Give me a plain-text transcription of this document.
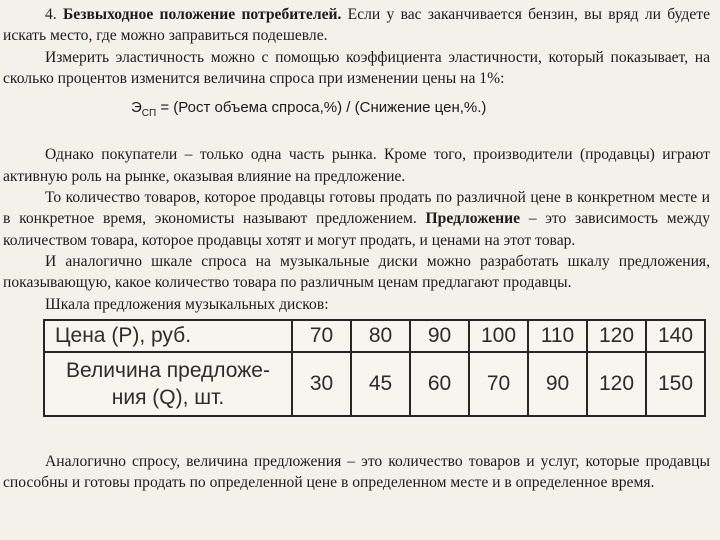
4. Безвыходное положение потребителей. Если у вас заканчивается бензин, вы вряд ли будете искать место, где можно заправиться подешевле.

Измерить эластичность можно с помощью коэффициента эластичности, который показывает, на сколько процентов изменится величина спроса при изменении цены на 1%:

$Э_{СП}$ = (Рост объема спроса,%) / (Снижение цен,%.)

Однако покупатели – только одна часть рынка. Кроме того, производители (продавцы) играют активную роль на рынке, оказывая влияние на предложение.

То количество товаров, которое продавцы готовы продать по различной цене в конкретном месте и в конкретное время, экономисты называют предложением. Предложение – это зависимость между количеством товара, которое продавцы хотят и могут продать, и ценами на этот товар.

И аналогично шкале спроса на музыкальные диски можно разработать шкалу предложения, показывающую, какое количество товара по различным ценам предлагают продавцы.

Шкала предложения музыкальных дисков:

Цена (Р), руб.	70	80	90	100	110	120	140
Величина предложе-
ния (Q), шт.	30	45	60	70	90	120	150

Аналогично спросу, величина предложения – это количество товаров и услуг, которые продавцы способны и готовы продать по определенной цене в определенном месте и в определенное время.
